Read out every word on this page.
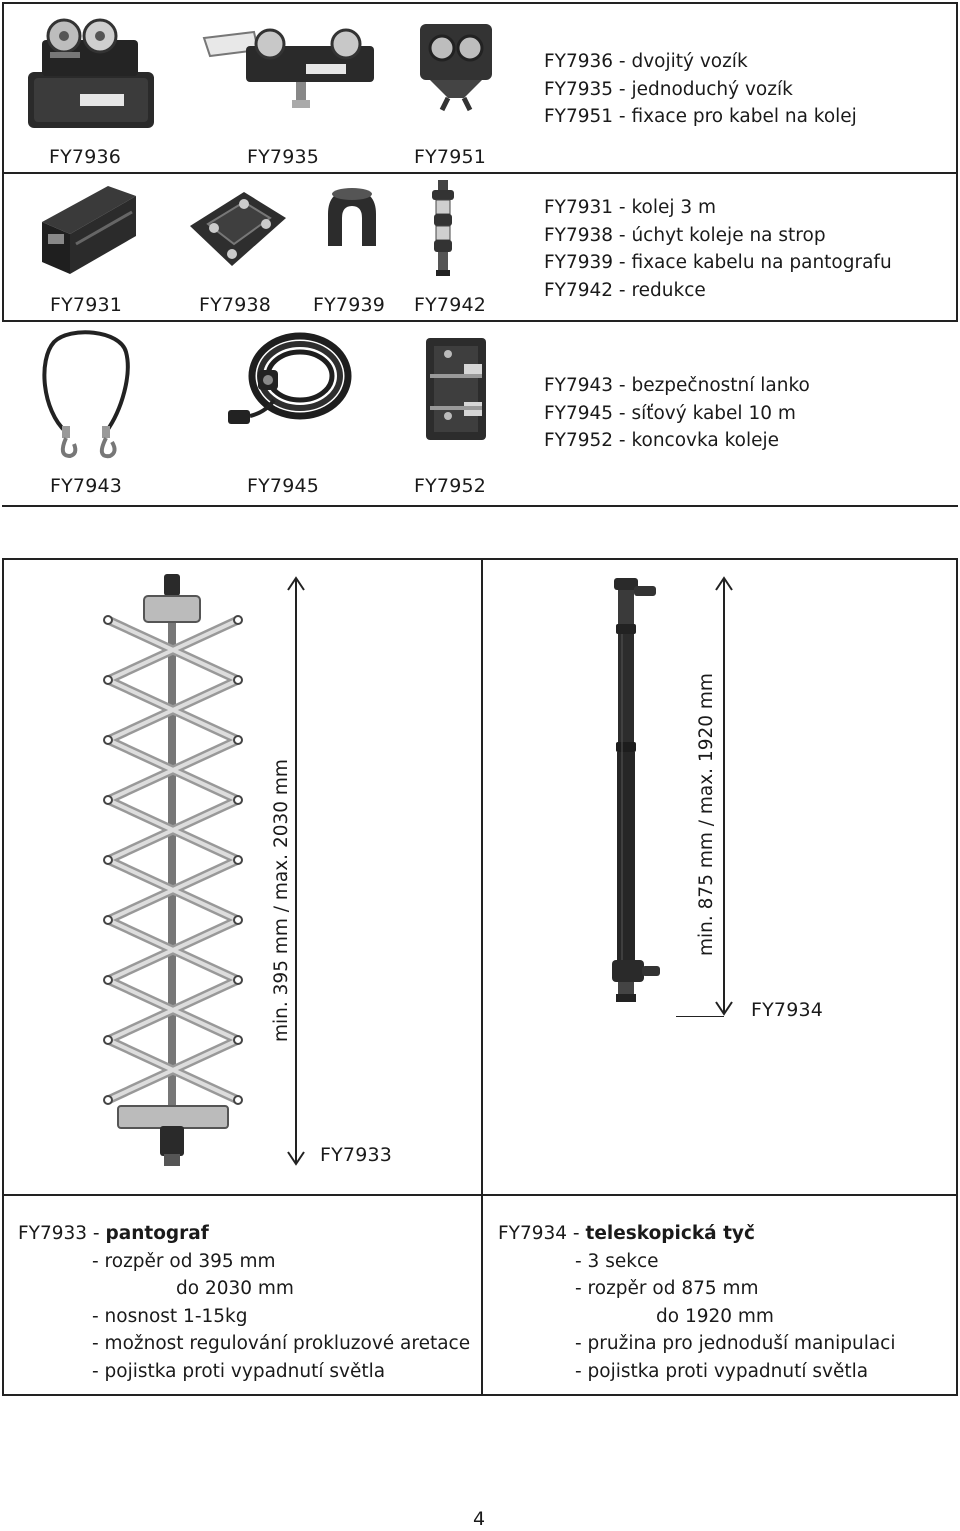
FY7936	FY7935	FY7951
FY7936 - dvojitý vozík
FY7935 - jednoduchý vozík
FY7951 - fixace pro kabel na kolej
FY7931	FY7938 FY7939 FY7942
FY7931 - kolej 3 m
FY7938 - úchyt koleje na strop
FY7939 - fixace kabelu na pantografu
FY7942 - redukce
FY7943	FY7945	FY7952
FY7943 - bezpečnostní lanko
FY7945 - síťový kabel 10 m
FY7952 - koncovka koleje
min. 395 mm / max. 2030 mm
FY7933
min. 875 mm / max. 1920 mm
FY7934
FY7933 - pantograf
- rozpěr od 395 mm
do 2030 mm
- nosnost 1-15kg
- možnost regulování prokluzové aretace
- pojistka proti vypadnutí světla
FY7934 - teleskopická tyč
- 3 sekce
- rozpěr od 875 mm
do 1920 mm
- pružina pro jednoduší manipulaci
- pojistka proti vypadnutí světla
4
